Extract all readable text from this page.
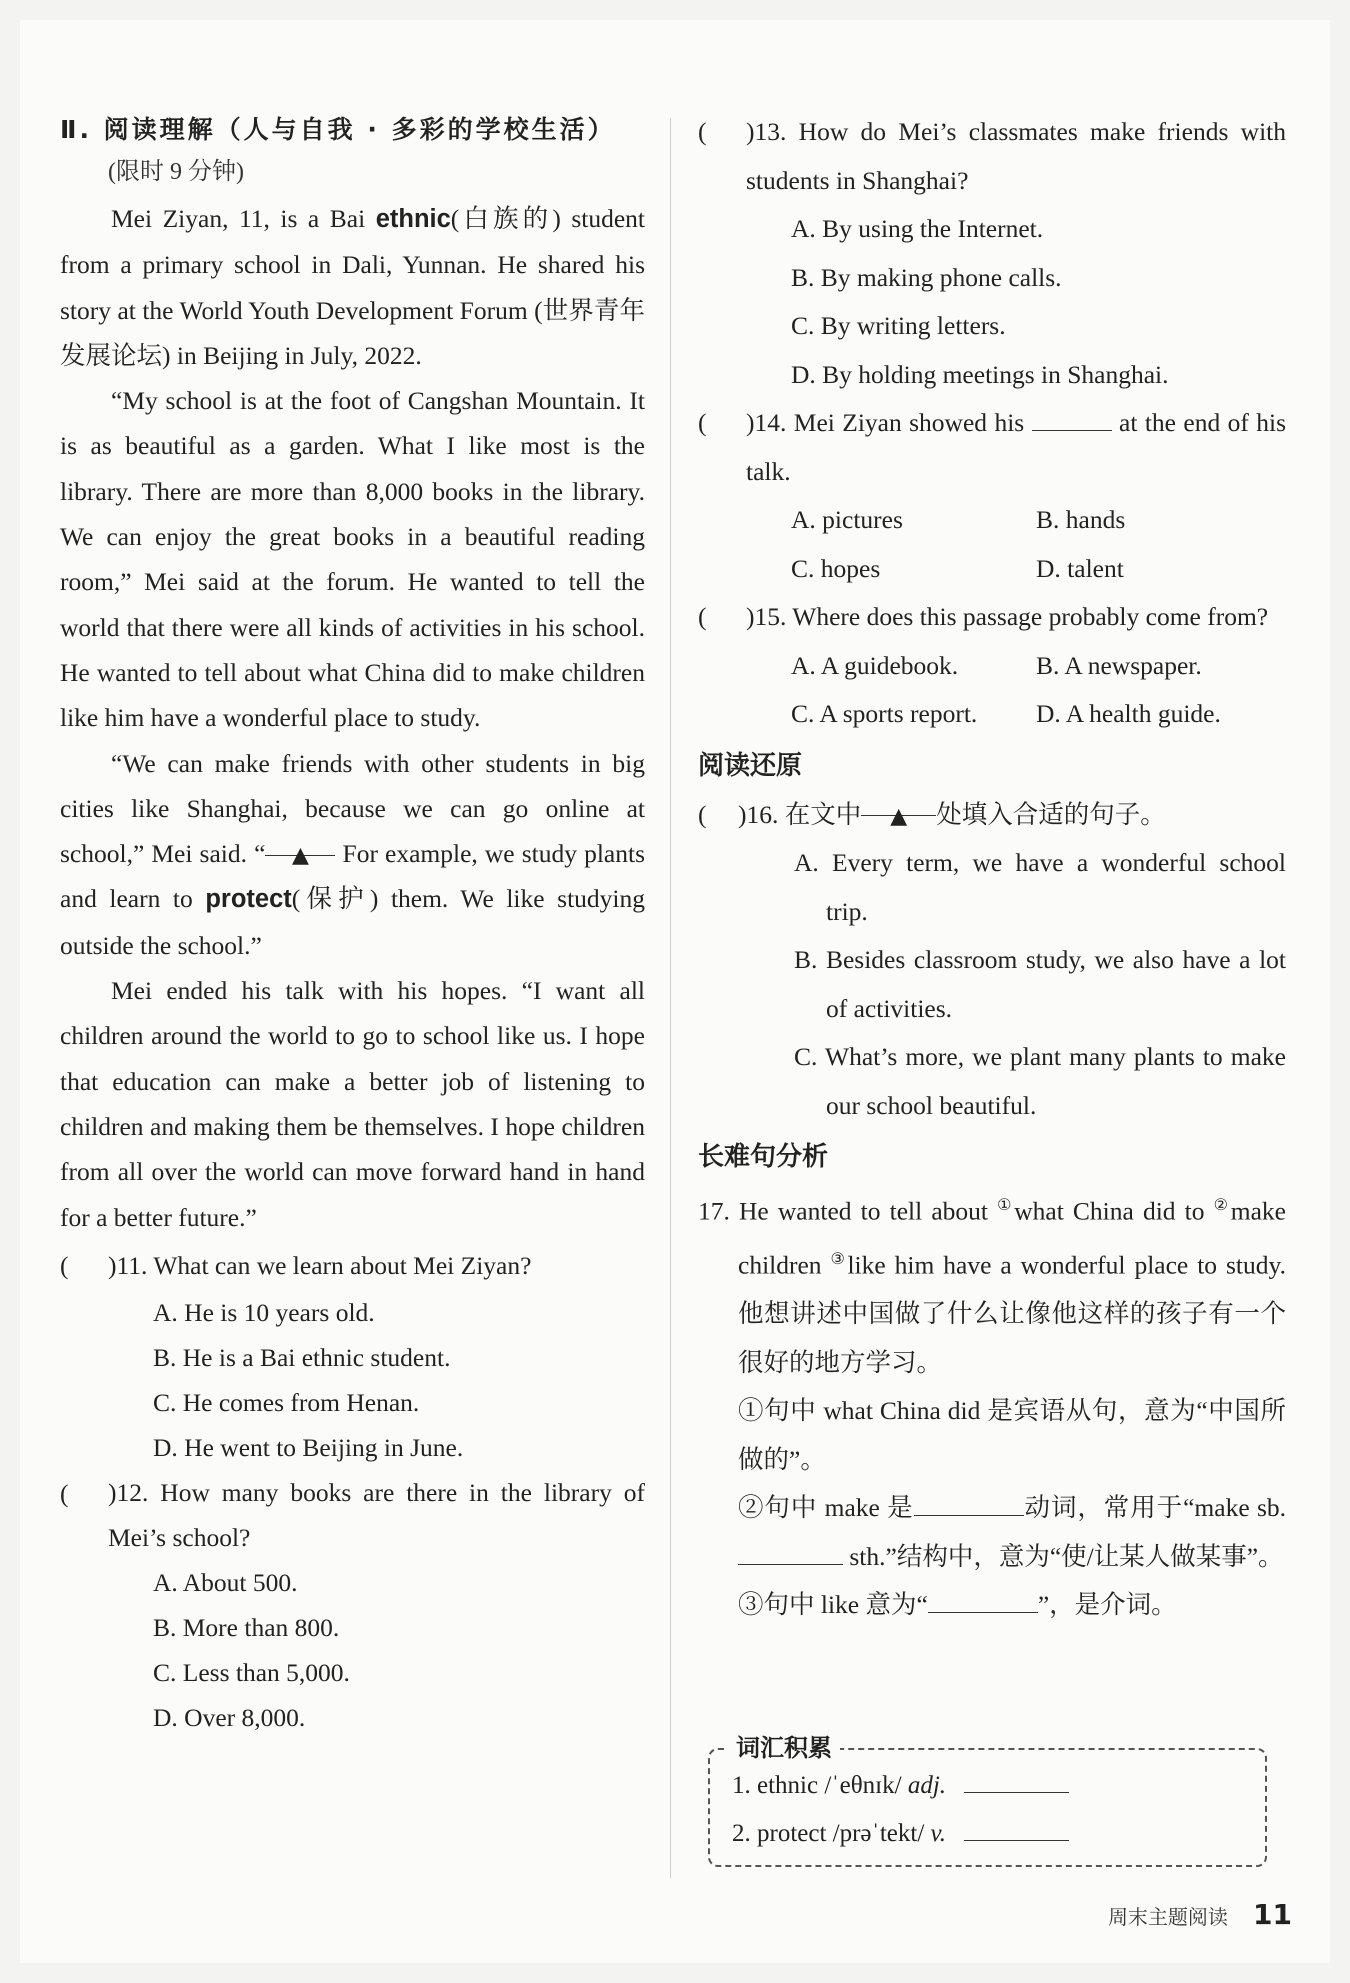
Ⅱ. 阅读理解（人与自我 · 多彩的学校生活）
(限时 9 分钟)

Mei Ziyan, 11, is a Bai ethnic(白族的) student from a primary school in Dali, Yunnan. He shared his story at the World Youth Development Forum (世界青年发展论坛) in Beijing in July, 2022.

“My school is at the foot of Cangshan Mountain. It is as beautiful as a garden. What I like most is the library. There are more than 8,000 books in the library. We can enjoy the great books in a beautiful reading room,” Mei said at the forum. He wanted to tell the world that there were all kinds of activities in his school. He wanted to tell about what China did to make children like him have a wonderful place to study.

“We can make friends with other students in big cities like Shanghai, because we can go online at school,” Mei said. “ ▲ For example, we study plants and learn to protect(保护) them. We like studying outside the school.”

Mei ended his talk with his hopes. “I want all children around the world to go to school like us. I hope that education can make a better job of listening to children and making them be themselves. I hope children from all over the world can move forward hand in hand for a better future.”

(	)11. What can we learn about Mei Ziyan?
A. He is 10 years old.
B. He is a Bai ethnic student.
C. He comes from Henan.
D. He went to Beijing in June.
(	)12. How many books are there in the library of Mei’s school?
A. About 500.
B. More than 800.
C. Less than 5,000.
D. Over 8,000.
(	)13. How do Mei’s classmates make friends with students in Shanghai?
A. By using the Internet.
B. By making phone calls.
C. By writing letters.
D. By holding meetings in Shanghai.
(	)14. Mei Ziyan showed his	at the end of his talk.
A. pictures	B. hands
C. hopes	D. talent
(	)15. Where does this passage probably come from?
A. A guidebook.	B. A newspaper.
C. A sports report.	D. A health guide.
阅读还原
(	)16. 在文中 ▲ 处填入合适的句子。
A. Every term, we have a wonderful school trip.
B. Besides classroom study, we also have a lot of activities.
C. What’s more, we plant many plants to make our school beautiful.
长难句分析
17. He wanted to tell about ①what China did to ②make children ③like him have a wonderful place to study. 他想讲述中国做了什么让像他这样的孩子有一个很好的地方学习。
①句中 what China did 是宾语从句，意为“中国所做的”。
②句中 make 是	动词，常用于“make sb.  sth.”结构中，意为“使/让某人做某事”。
③句中 like 意为“	”，是介词。
词汇积累
1. ethnic /ˈeθnɪk/ adj.
2. protect /prəˈtekt/ v.
周末主题阅读 11
